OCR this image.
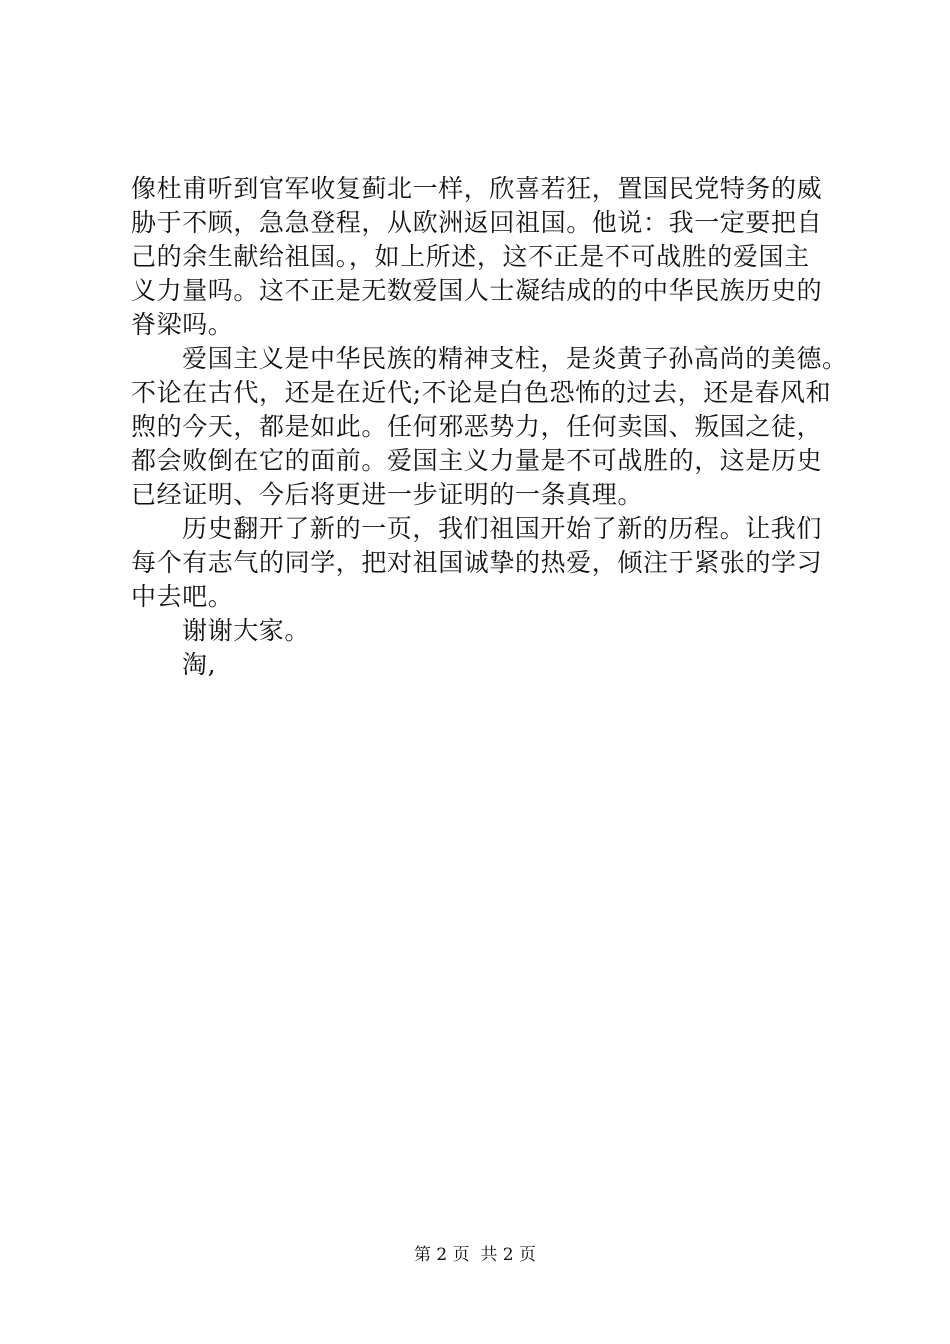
像杜甫听到官军收复蓟北一样，欣喜若狂，置国民党特务的威
胁于不顾，急急登程，从欧洲返回祖国。他说：我一定要把自
己的余生献给祖国。，如上所述，这不正是不可战胜的爱国主
义力量吗。这不正是无数爱国人士凝结成的的中华民族历史的
脊梁吗。
爱国主义是中华民族的精神支柱，是炎黄子孙高尚的美德。
不论在古代，还是在近代;不论是白色恐怖的过去，还是春风和
煦的今天，都是如此。任何邪恶势力，任何卖国、叛国之徒，
都会败倒在它的面前。爱国主义力量是不可战胜的，这是历史
已经证明、今后将更进一步证明的一条真理。
历史翻开了新的一页，我们祖国开始了新的历程。让我们
每个有志气的同学，把对祖国诚挚的热爱，倾注于紧张的学习
中去吧。
谢谢大家。
淘,
第 2 页  共 2 页
